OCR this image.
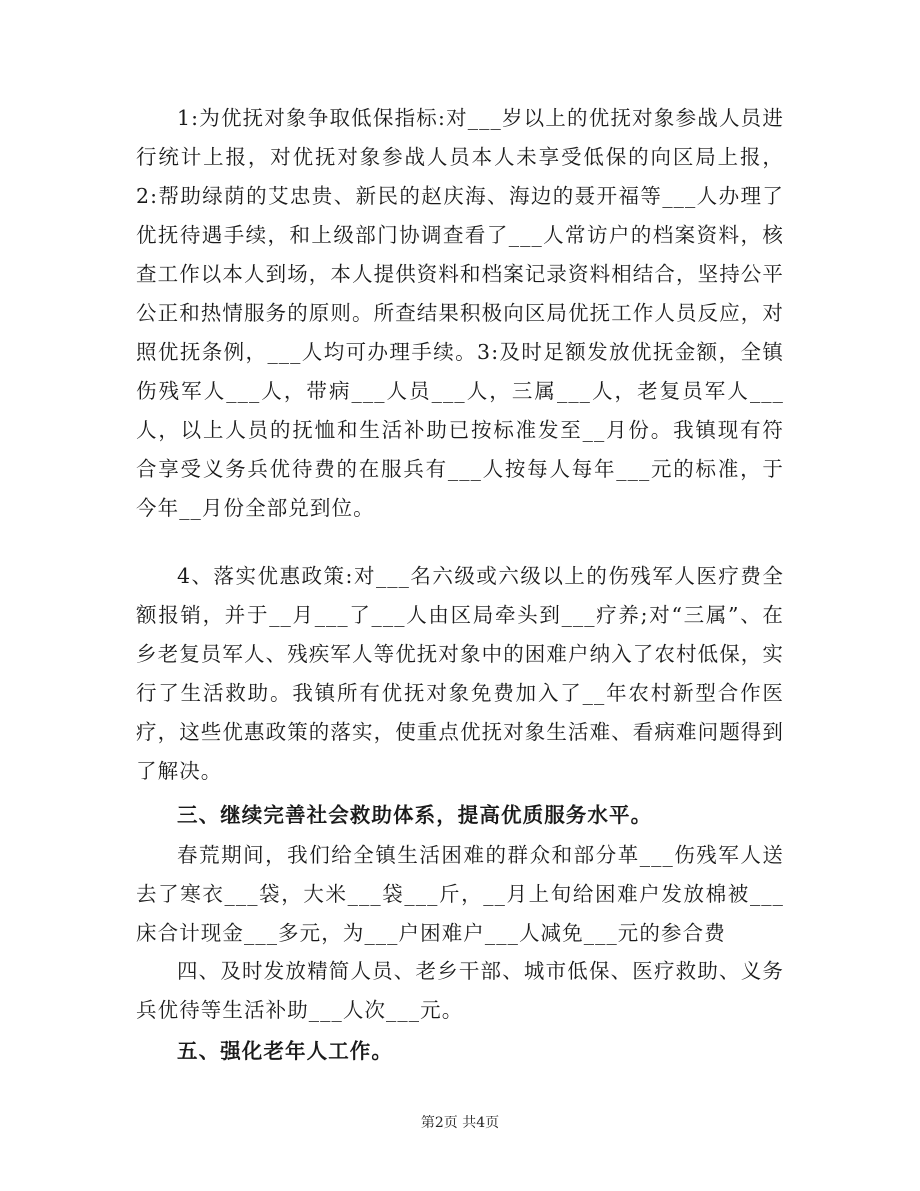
1:为优抚对象争取低保指标:对___岁以上的优抚对象参战人员进行统计上报，对优抚对象参战人员本人未享受低保的向区局上报，2:帮助绿荫的艾忠贵、新民的赵庆海、海边的聂开福等___人办理了优抚待遇手续，和上级部门协调查看了___人常访户的档案资料，核查工作以本人到场，本人提供资料和档案记录资料相结合，坚持公平公正和热情服务的原则。所查结果积极向区局优抚工作人员反应，对照优抚条例，___人均可办理手续。3:及时足额发放优抚金额，全镇伤残军人___人，带病___人员___人，三属___人，老复员军人___人，以上人员的抚恤和生活补助已按标准发至__月份。我镇现有符合享受义务兵优待费的在服兵有___人按每人每年___元的标准，于今年__月份全部兑到位。

4、落实优惠政策:对___名六级或六级以上的伤残军人医疗费全额报销，并于__月___了___人由区局牵头到___疗养;对“三属”、在乡老复员军人、残疾军人等优抚对象中的困难户纳入了农村低保，实行了生活救助。我镇所有优抚对象免费加入了__年农村新型合作医疗，这些优惠政策的落实，使重点优抚对象生活难、看病难问题得到了解决。

三、继续完善社会救助体系，提高优质服务水平。

春荒期间，我们给全镇生活困难的群众和部分革___伤残军人送去了寒衣___袋，大米___袋___斤，__月上旬给困难户发放棉被___床合计现金___多元，为___户困难户___人减免___元的参合费

四、及时发放精简人员、老乡干部、城市低保、医疗救助、义务兵优待等生活补助___人次___元。

五、强化老年人工作。

第2页 共4页
